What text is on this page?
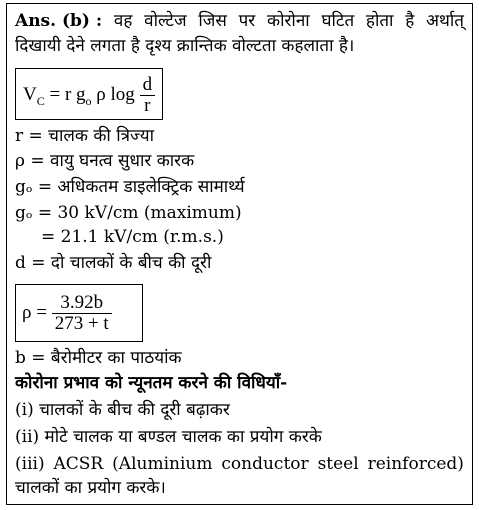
Ans. (b) : वह वोल्टेज जिस पर कोरोना घटित होता है अर्थात्
दिखायी देने लगता है दृश्य क्रान्तिक वोल्टता कहलाता है।
$V_C = r$ $g_o$ ρ $\log \frac{d}{r}$
r = चालक की त्रिज्या
ρ = वायु घनत्व सुधार कारक
gₒ = अधिकतम डाइलेक्ट्रिक सामार्थ्य
gₒ = 30 kV/cm (maximum)
= 21.1 kV/cm (r.m.s.)
d = दो चालकों के बीच की दूरी
$\rho = \frac{3.92b}{273 + t}$
b = बैरोमीटर का पाठयांक
कोरोना प्रभाव को न्यूनतम करने की विधियाँ-
(i) चालकों के बीच की दूरी बढ़ाकर
(ii) मोटे चालक या बण्डल चालक का प्रयोग करके
(iii) ACSR (Aluminium conductor steel reinforced)
चालकों का प्रयोग करके।
